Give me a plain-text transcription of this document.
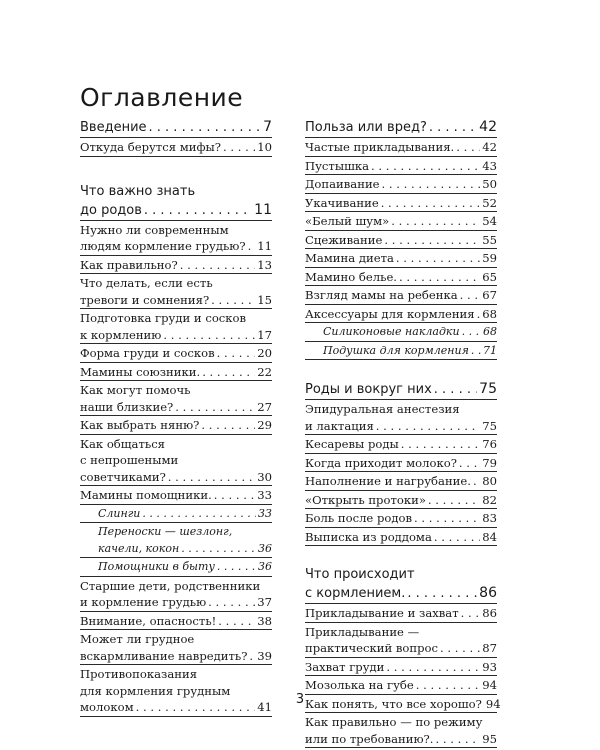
Оглавление
Введение . . .	7
Откуда берутся мифы? . . .	10
Что важно знать
до родов . . .	11
Нужно ли современным
людям кормление грудью? . . . 11
Как правильно? . . .	13
Что делать, если есть
тревоги и сомнения? . . .	15
Подготовка груди и сосков
к кормлению . . .	17
Форма груди и сосков . . .	20
Мамины союзники. . . .	22
Как могут помочь
наши близкие? . . .	27
Как выбрать няню? . . .	29
Как общаться
с непрошеными
советчиками? . . .	30
Мамины помощники. . . .	33
Слинги . . .	33
Переноски — шезлонг,
качели, кокон . . .	36
Помощники в быту . . .	36
Старшие дети, родственники
и кормление грудью . . .	37
Внимание, опасность! . . .	38
Может ли грудное
вскармливание навредить? . . . 39
Противопоказания
для кормления грудным
молоком . . .	41
Польза или вред? . . .	42
Частые прикладывания. . . . 42
Пустышка . . .	43
Допаивание . . .	50
Укачивание . . .	52
«Белый шум» . . .	54
Сцеживание . . .	55
Мамина диета . . .	59
Мамино белье. . . .	65
Взгляд мамы на ребенка . . . 67
Аксессуары для кормления . . . 68
Силиконовые накладки . . . 68
Подушка для кормления . . . 71
Роды и вокруг них . . .	75
Эпидуральная анестезия
и лактация . . .	75
Кесаревы роды . . .	76
Когда приходит молоко? . . . 79
Наполнение и нагрубание. . . . 80
«Открыть протоки» . . .	82
Боль после родов . . .	83
Выписка из роддома . . .	84
Что происходит
с кормлением. . . .	86
Прикладывание и захват . . . 86
Прикладывание —
практический вопрос . . .	87
Захват груди . . .	93
Мозолька на губе . . .	94
Как понять, что все хорошо? 94
Как правильно — по режиму
или по требованию?. . . .	95
3
